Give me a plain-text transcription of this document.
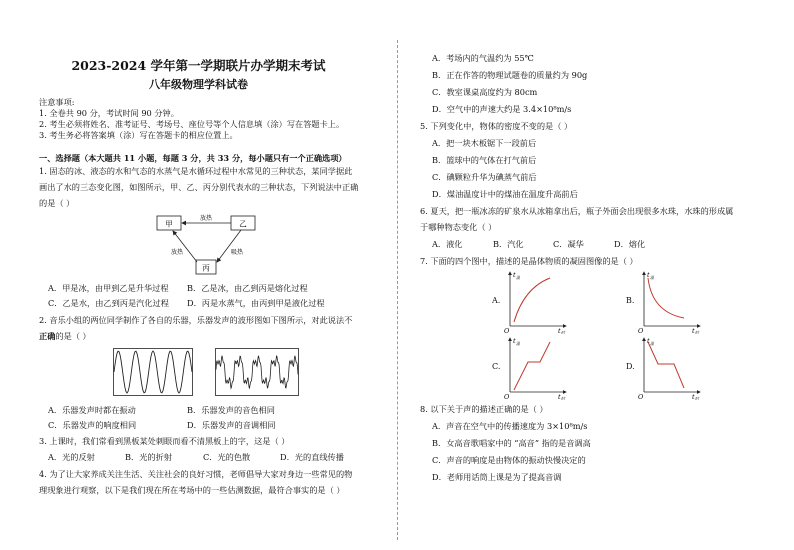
2023-2024 学年第一学期联片办学期末考试
八年级物理学科试卷
注意事项:
1. 全卷共 90 分，考试时间 90 分钟。
2. 考生必须将姓名、准考证号、考场号、座位号等个人信息填（涂）写在答题卡上。
3. 考生务必将答案填（涂）写在答题卡的相应位置上。
一、选择题（本大题共 11 小题，每题 3 分，共 33 分，每小题只有一个正确选项）
1. 固态的冰、液态的水和气态的水蒸气是水循环过程中水常见的三种状态，某同学据此
画出了水的三态变化图，如图所示，甲、乙、丙分别代表水的三种状态，下列说法中正确
的是（ ）
甲	乙
丙
放热
放热	吸热
A．甲是冰，由甲到乙是升华过程 B．乙是冰，由乙到丙是熔化过程
C．乙是水，由乙到丙是汽化过程 D．丙是水蒸气，由丙到甲是液化过程
2. 音乐小组的两位同学制作了各自的乐器，乐器发声的波形图如下图所示，对此说法不
正确的是（ ）
A．乐器发声时都在振动	B．乐器发声的音色相同
C．乐器发声的响度相同	D．乐器发声的音调相同
3. 上课时，我们常看到黑板某处刺眼而看不清黑板上的字，这是（ ）
A．光的反射	B．光的折射	C．光的色散	D．光的直线传播
4. 为了让大家养成关注生活、关注社会的良好习惯，老师倡导大家对身边一些常见的物
理现象进行观察，以下是我们现在所在考场中的一些估测数据，最符合事实的是（ ）
A．考场内的气温约为 55℃
B．正在作答的物理试题卷的质量约为 90g
C．教室课桌高度约为 80cm
D．空气中的声速大约是 3.4×10⁸m/s
5. 下列变化中，物体的密度不变的是（ ）
A．把一块木板锯下一段前后
B．篮球中的气体在打气前后
C．碘颗粒升华为碘蒸气前后
D．煤油温度计中的煤油在温度升高前后
6. 夏天，把一瓶冰冻的矿泉水从冰箱拿出后，瓶子外面会出现很多水珠，水珠的形成属
于哪种物态变化（ ）
A．液化	B．汽化	C．凝华	D．熔化
7. 下面的四个图中，描述的是晶体物质的凝固图像的是（ ）
A.
t 温
t 时
O
B.
t 温
t 时
O
C.
t 温
t 时
O
D.
t 温
t 时
O
8. 以下关于声的描述正确的是（ ）
A．声音在空气中的传播速度为 3×10⁸m/s
B．女高音歌唱家中的 “高音” 指的是音调高
C．声音的响度是由物体的振动快慢决定的
D．老师用话筒上课是为了提高音调
